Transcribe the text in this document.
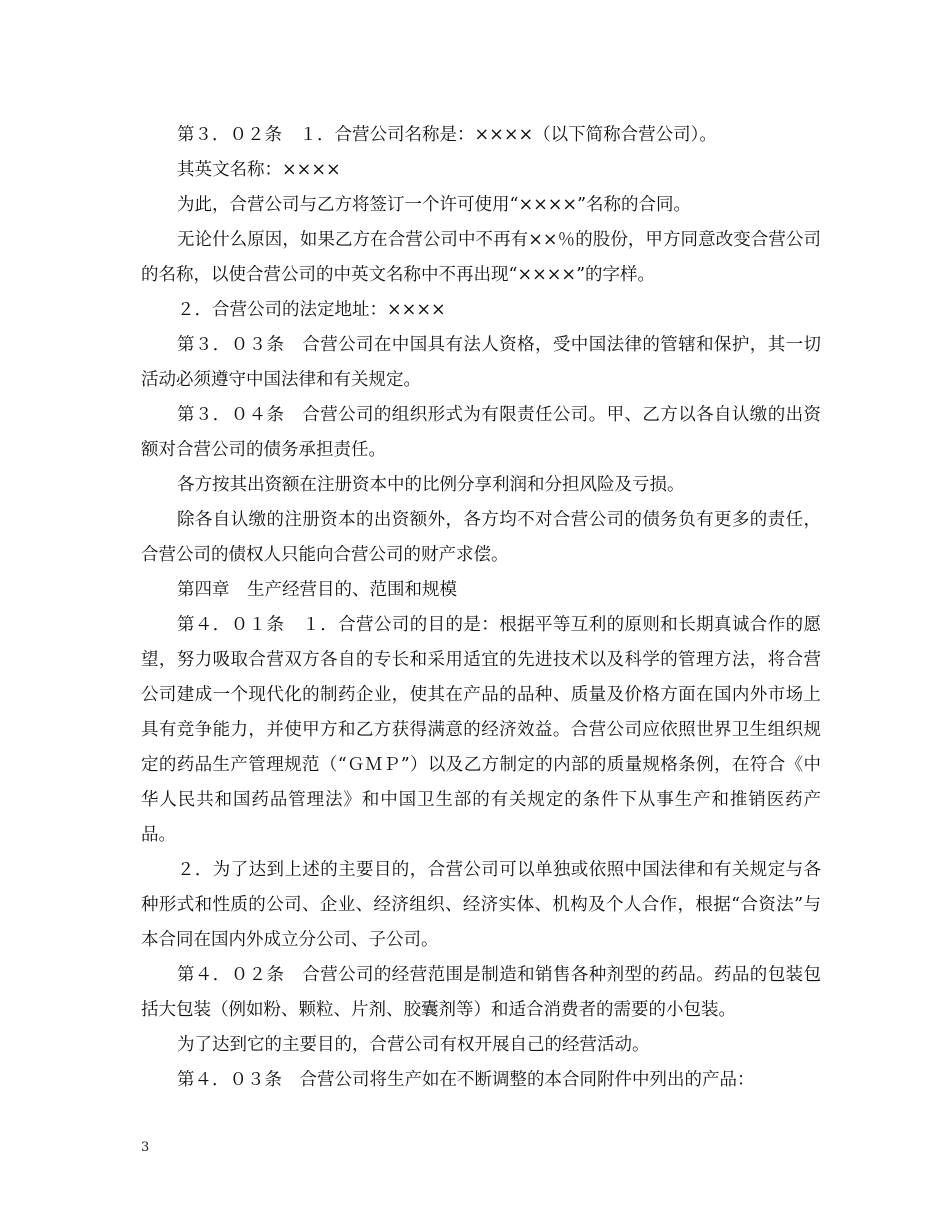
第３．０２条　１．合营公司名称是：××××（以下简称合营公司）。

其英文名称：××××

为此，合营公司与乙方将签订一个许可使用“××××”名称的合同。

无论什么原因，如果乙方在合营公司中不再有××％的股份，甲方同意改变合营公司的名称，以使合营公司的中英文名称中不再出现“××××”的字样。

２．合营公司的法定地址：××××

第３．０３条　合营公司在中国具有法人资格，受中国法律的管辖和保护，其一切活动必须遵守中国法律和有关规定。

第３．０４条　合营公司的组织形式为有限责任公司。甲、乙方以各自认缴的出资额对合营公司的债务承担责任。

各方按其出资额在注册资本中的比例分享利润和分担风险及亏损。

除各自认缴的注册资本的出资额外，各方均不对合营公司的债务负有更多的责任，合营公司的债权人只能向合营公司的财产求偿。

第四章　生产经营目的、范围和规模

第４．０１条　１．合营公司的目的是：根据平等互利的原则和长期真诚合作的愿望，努力吸取合营双方各自的专长和采用适宜的先进技术以及科学的管理方法，将合营公司建成一个现代化的制药企业，使其在产品的品种、质量及价格方面在国内外市场上具有竞争能力，并使甲方和乙方获得满意的经济效益。合营公司应依照世界卫生组织规定的药品生产管理规范（“ＧＭＰ”）以及乙方制定的内部的质量规格条例，在符合《中华人民共和国药品管理法》和中国卫生部的有关规定的条件下从事生产和推销医药产品。

２．为了达到上述的主要目的，合营公司可以单独或依照中国法律和有关规定与各种形式和性质的公司、企业、经济组织、经济实体、机构及个人合作，根据“合资法”与本合同在国内外成立分公司、子公司。

第４．０２条　合营公司的经营范围是制造和销售各种剂型的药品。药品的包装包括大包装（例如粉、颗粒、片剂、胶囊剂等）和适合消费者的需要的小包装。

为了达到它的主要目的，合营公司有权开展自己的经营活动。

第４．０３条　合营公司将生产如在不断调整的本合同附件中列出的产品：

3
